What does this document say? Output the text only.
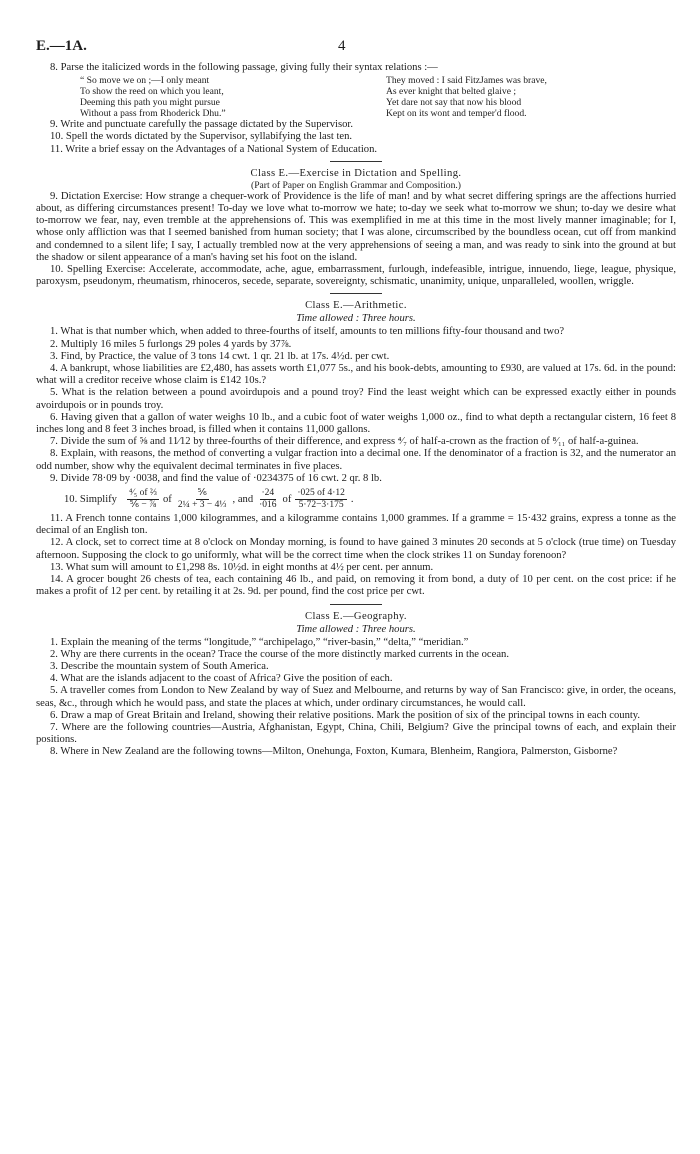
E.—1A.	4

8. Parse the italicized words in the following passage, giving fully their syntax relations :—

“ So move we on ;—I only meant
To show the reed on which you leant,
Deeming this path you might pursue
Without a pass from Rhoderick Dhu.”
They moved : I said FitzJames was brave,
As ever knight that belted glaive ;
Yet dare not say that now his blood
Kept on its wont and temper'd flood.

9. Write and punctuate carefully the passage dictated by the Supervisor.

10. Spell the words dictated by the Supervisor, syllabifying the last ten.

11. Write a brief essay on the Advantages of a National System of Education.

Class E.—Exercise in Dictation and Spelling.
(Part of Paper on English Grammar and Composition.)

9. Dictation Exercise: How strange a chequer-work of Providence is the life of man! and by what secret differing springs are the affections hurried about, as differing circumstances present! To-day we love what to-morrow we hate; to-day we seek what to-morrow we shun; to-day we desire what to-morrow we fear, nay, even tremble at the apprehensions of. This was exemplified in me at this time in the most lively manner imaginable; for I, whose only affliction was that I seemed banished from human society; that I was alone, circumscribed by the boundless ocean, cut off from mankind and condemned to a silent life; I say, I actually trembled now at the very apprehensions of seeing a man, and was ready to sink into the ground at but the shadow or silent appearance of a man's having set his foot on the island.

10. Spelling Exercise: Accelerate, accommodate, ache, ague, embarrassment, furlough, indefeasible, intrigue, innuendo, liege, league, physique, paroxysm, pseudonym, rheumatism, rhinoceros, secede, separate, sovereignty, schismatic, unanimity, unique, unparalleled, woollen, wriggle.

Class E.—Arithmetic.
Time allowed : Three hours.

1. What is that number which, when added to three-fourths of itself, amounts to ten millions fifty-four thousand and two?

2. Multiply 16 miles 5 furlongs 29 poles 4 yards by 37⅞.

3. Find, by Practice, the value of 3 tons 14 cwt. 1 qr. 21 lb. at 17s. 4½d. per cwt.

4. A bankrupt, whose liabilities are £2,480, has assets worth £1,077 5s., and his book-debts, amounting to £930, are valued at 17s. 6d. in the pound: what will a creditor receive whose claim is £142 10s.?

5. What is the relation between a pound avoirdupois and a pound troy? Find the least weight which can be expressed exactly either in pounds avoirdupois or in pounds troy.

6. Having given that a gallon of water weighs 10 lb., and a cubic foot of water weighs 1,000 oz., find to what depth a rectangular cistern, 16 feet 8 inches long and 8 feet 3 inches broad, is filled when it contains 11,000 gallons.

7. Divide the sum of ⅝ and 11⁄12 by three-fourths of their difference, and express ⁴⁄₇ of half-a-crown as the fraction of ⁸⁄₁₁ of half-a-guinea.

8. Explain, with reasons, the method of converting a vulgar fraction into a decimal one. If the denominator of a fraction is 32, and the numerator an odd number, show why the equivalent decimal terminates in five places.

9. Divide 78·09 by ·0038, and find the value of ·0234375 of 16 cwt. 2 qr. 8 lb.

10. Simplify $\frac{\text{⁴⁄₅ of ⅔}}{\text{⅚ − ⅞}}$ of $\frac{\text{⅚}}{\text{2¼ + 3 − 4⅓}}$ , and $\frac{\cdot 24}{\cdot 016}$ of $\frac{\cdot 025 of 4\cdot 12}{5\cdot 72-3\cdot 175}$ .

11. A French tonne contains 1,000 kilogrammes, and a kilogramme contains 1,000 grammes. If a gramme = 15·432 grains, express a tonne as the decimal of an English ton.

12. A clock, set to correct time at 8 o'clock on Monday morning, is found to have gained 3 minutes 20 seconds at 5 o'clock (true time) on Tuesday afternoon. Supposing the clock to go uniformly, what will be the correct time when the clock strikes 11 on Sunday forenoon?

13. What sum will amount to £1,298 8s. 10½d. in eight months at 4½ per cent. per annum.

14. A grocer bought 26 chests of tea, each containing 46 lb., and paid, on removing it from bond, a duty of 10 per cent. on the cost price: if he makes a profit of 12 per cent. by retailing it at 2s. 9d. per pound, find the cost price per cwt.

Class E.—Geography.
Time allowed : Three hours.

1. Explain the meaning of the terms “longitude,” “archipelago,” “river-basin,” “delta,” “meridian.”

2. Why are there currents in the ocean? Trace the course of the more distinctly marked currents in the ocean.

3. Describe the mountain system of South America.

4. What are the islands adjacent to the coast of Africa? Give the position of each.

5. A traveller comes from London to New Zealand by way of Suez and Melbourne, and returns by way of San Francisco: give, in order, the oceans, seas, &c., through which he would pass, and state the places at which, under ordinary circumstances, he would call.

6. Draw a map of Great Britain and Ireland, showing their relative positions. Mark the position of six of the principal towns in each county.

7. Where are the following countries—Austria, Afghanistan, Egypt, China, Chili, Belgium? Give the principal towns of each, and explain their positions.

8. Where in New Zealand are the following towns—Milton, Onehunga, Foxton, Kumara, Blenheim, Rangiora, Palmerston, Gisborne?
